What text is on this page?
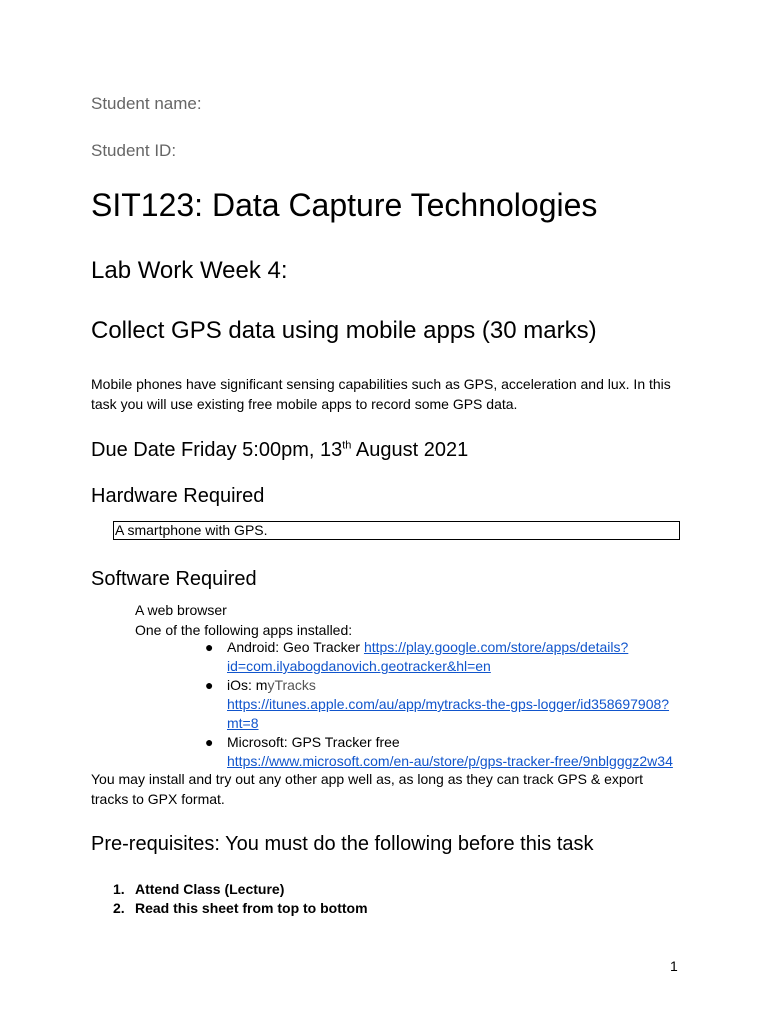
Student name:
Student ID:
SIT123: Data Capture Technologies
Lab Work Week 4:
Collect GPS data using mobile apps (30 marks)

Mobile phones have significant sensing capabilities such as GPS, acceleration and lux. In this

task you will use existing free mobile apps to record some GPS data.

Due Date Friday 5:00pm, 13th August 2021
Hardware Required
A smartphone with GPS.
Software Required
A web browser
One of the following apps installed:
● Android: Geo Tracker https://play.google.com/store/apps/details?
id=com.ilyabogdanovich.geotracker&hl=en
● iOs: myTracks
https://itunes.apple.com/au/app/mytracks-the-gps-logger/id358697908?
mt=8
● Microsoft: GPS Tracker free
https://www.microsoft.com/en-au/store/p/gps-tracker-free/9nblgggz2w34
You may install and try out any other app well as, as long as they can track GPS & export
tracks to GPX format.
Pre-requisites: You must do the following before this task
1. Attend Class (Lecture)
2. Read this sheet from top to bottom
1
